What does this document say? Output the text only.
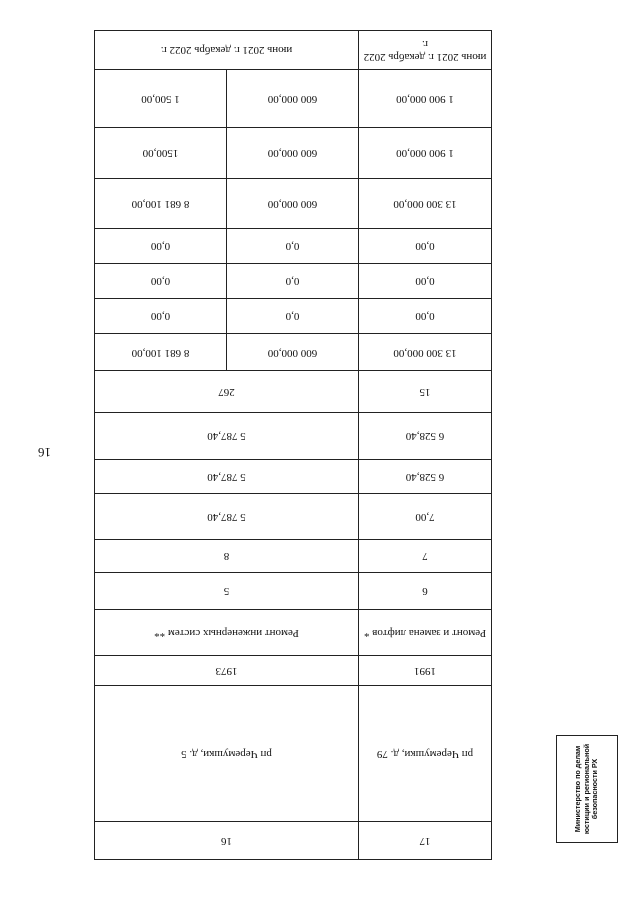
17	16	
рп Черемушки, д. 79	рп Черемушки, д. 5	
1991	1973	
Ремонт и замена лифтов *	Ремонт инженерных систем **	
6	5	
7	8	
7,00	5 787,40	
6 528,40	5 787,40	
6 528,40	5 787,40	
15	267	
13 300 000,00	600 000,00	8 681 100,00
0,00	0,0	0,00
0,00	0,0	0,00
0,00	0,0	0,00
13 300 000,00	600 000,00	8 681 100,00
1 900 000,00	600 000,00	1500,00
1 900 000,00	600 000,00	1 500,00
июнь 2021 г. декабрь 2022 г.	июнь 2021 г. декабрь 2022 г.	
16
Министерство по делам юстиции и региональной безопасности РХ
